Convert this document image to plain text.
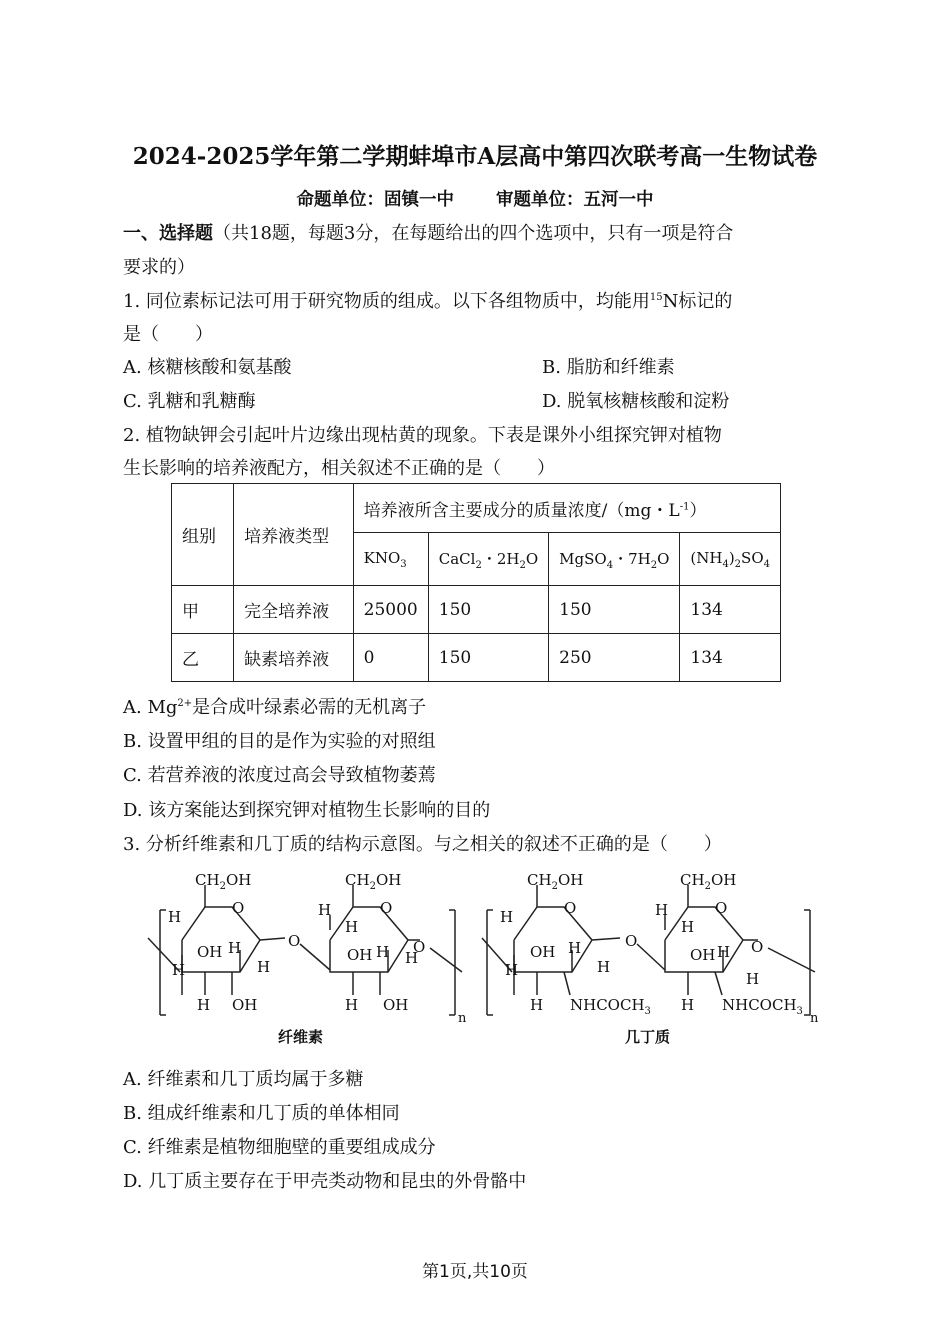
2024-2025学年第二学期蚌埠市A层高中第四次联考高一生物试卷
命题单位：固镇一中 审题单位：五河一中
一、选择题（共18题，每题3分，在每题给出的四个选项中，只有一项是符合
要求的）
1. 同位素标记法可用于研究物质的组成。以下各组物质中，均能用$^{15}$N标记的
是（　　）
A. 核糖核酸和氨基酸	B. 脂肪和纤维素
C. 乳糖和乳糖酶	D. 脱氧核糖核酸和淀粉
2. 植物缺钾会引起叶片边缘出现枯黄的现象。下表是课外小组探究钾对植物
生长影响的培养液配方，相关叙述不正确的是（　　）
组别	培养液类型	培养液所含主要成分的质量浓度/（mg・$L^{-1}$）			
		$KNO_3$	CaCl$_2$・$2H_2O$	MgSO$_4$・$7H_2O$	$(NH_4)_2SO_4$
甲	完全培养液	25000	150	150	134
乙	缺素培养液	0	150	250	134
A. $Mg^{2+}$是合成叶绿素必需的无机离子
B. 设置甲组的目的是作为实验的对照组
C. 若营养液的浓度过高会导致植物萎蔫
D. 该方案能达到探究钾对植物生长影响的目的
3. 分析纤维素和几丁质的结构示意图。与之相关的叙述不正确的是（　　）
$CH_2OH$
O
H
OH
H
H
H
H OH
O
$CH_2OH$
O
H
H
OH H H
H OH
O
n
$CH_2OH$
O
H
OH
H
H
H
H $NHCOCH_3$
O
$CH_2OH$
O
H
H
OH H
H
H $NHCOCH_3$
O
n
纤维素	几丁质
A. 纤维素和几丁质均属于多糖
B. 组成纤维素和几丁质的单体相同
C. 纤维素是植物细胞壁的重要组成成分
D. 几丁质主要存在于甲壳类动物和昆虫的外骨骼中
第1页,共10页
